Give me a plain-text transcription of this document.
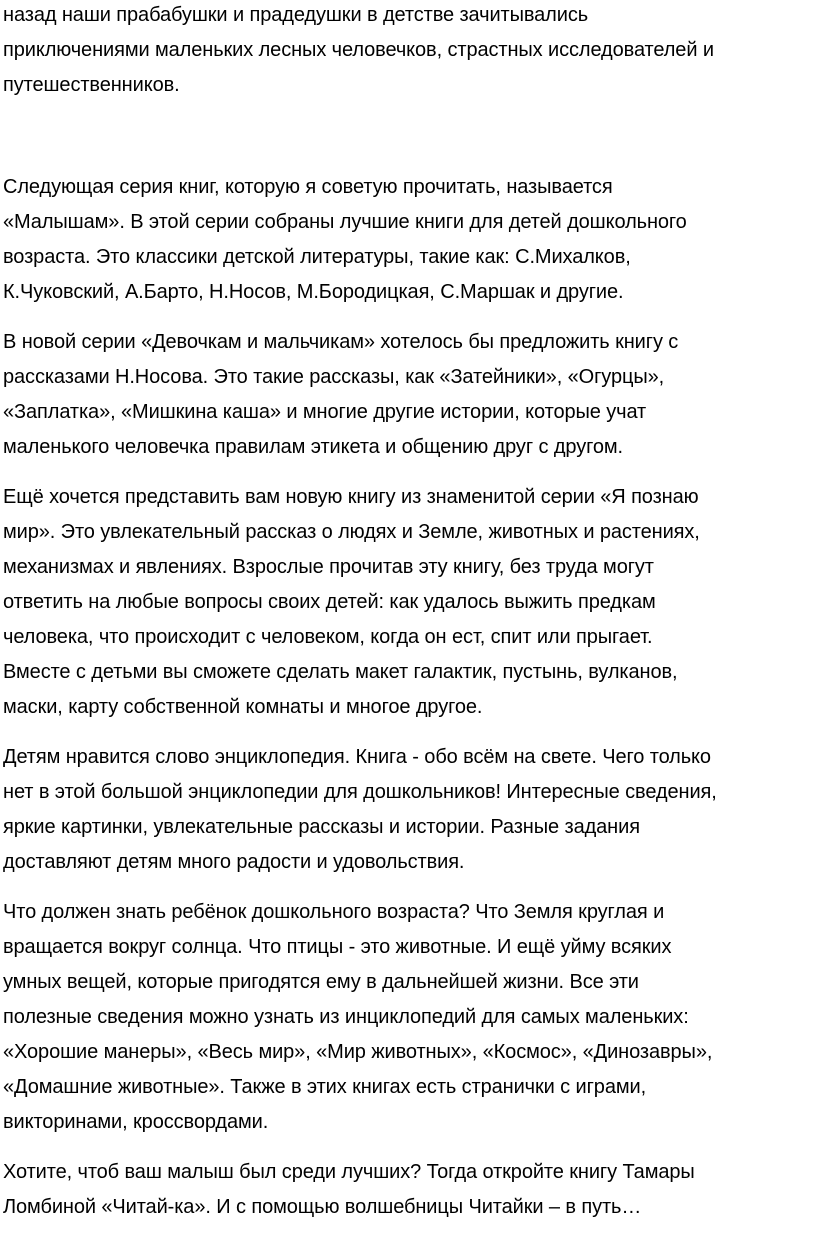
назад наши прабабушки и прадедушки в детстве зачитывались
приключениями маленьких лесных человечков, страстных исследователей и
путешественников.
Следующая серия книг, которую я советую прочитать, называется
«Малышам». В этой серии собраны лучшие книги для детей дошкольного
возраста. Это классики детской литературы, такие как: С.Михалков,
К.Чуковский, А.Барто, Н.Носов, М.Бородицкая, С.Маршак и другие.
В новой серии «Девочкам и мальчикам» хотелось бы предложить книгу с
рассказами Н.Носова. Это такие рассказы, как «Затейники», «Огурцы»,
«Заплатка», «Мишкина каша» и многие другие истории, которые учат
маленького человечка правилам этикета и общению друг с другом.
Ещё хочется представить вам новую книгу из знаменитой серии «Я познаю
мир». Это увлекательный рассказ о людях и Земле, животных и растениях,
механизмах и явлениях. Взрослые прочитав эту книгу, без труда могут
ответить на любые вопросы своих детей: как удалось выжить предкам
человека, что происходит с человеком, когда он ест, спит или прыгает.
Вместе с детьми вы сможете сделать макет галактик, пустынь, вулканов,
маски, карту собственной комнаты и многое другое.
Детям нравится слово энциклопедия. Книга - обо всём на свете. Чего только
нет в этой большой энциклопедии для дошкольников! Интересные сведения,
яркие картинки, увлекательные рассказы и истории. Разные задания
доставляют детям много радости и удовольствия.
Что должен знать ребёнок дошкольного возраста? Что Земля круглая и
вращается вокруг солнца. Что птицы - это животные. И ещё уйму всяких
умных вещей, которые пригодятся ему в дальнейшей жизни. Все эти
полезные сведения можно узнать из инциклопедий для самых маленьких:
«Хорошие манеры», «Весь мир», «Мир животных», «Космос», «Динозавры»,
«Домашние животные». Также в этих книгах есть странички с играми,
викторинами, кроссвордами.
Хотите, чтоб ваш малыш был среди лучших? Тогда откройте книгу Тамары
Ломбиной «Читай-ка». И с помощью волшебницы Читайки – в путь…
